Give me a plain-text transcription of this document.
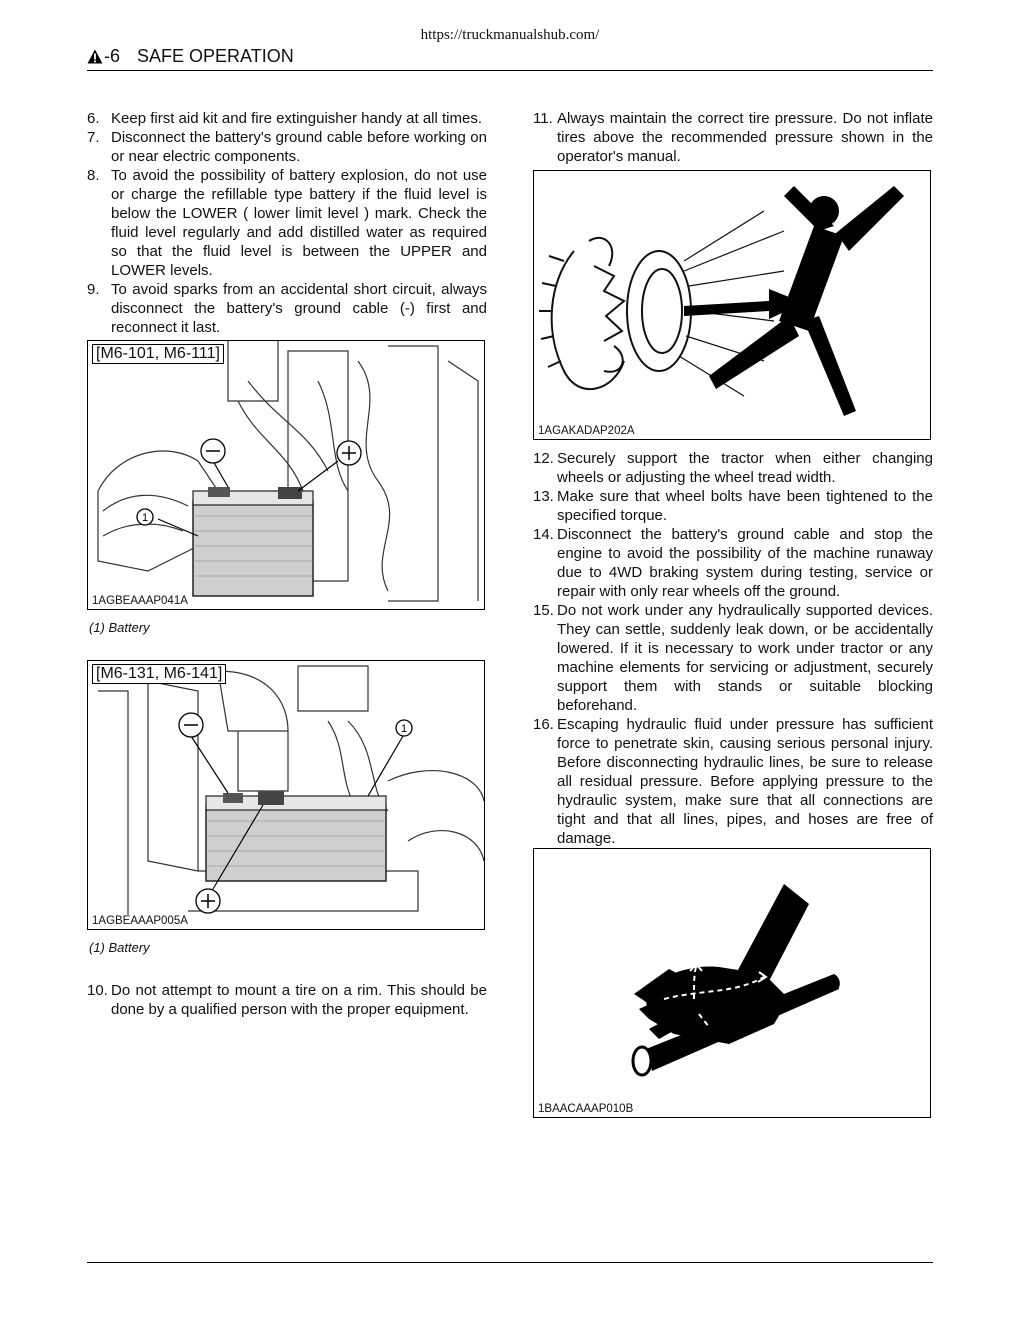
https://truckmanualshub.com/
-6 SAFE OPERATION
6. Keep first aid kit and fire extinguisher handy at all times.
7. Disconnect the battery's ground cable before working on or near electric components.
8. To avoid the possibility of battery explosion, do not use or charge the refillable type battery if the fluid level is below the LOWER ( lower limit level ) mark. Check the fluid level regularly and add distilled water as required so that the fluid level is between the UPPER and LOWER levels.
9. To avoid sparks from an accidental short circuit, always disconnect the battery's ground cable (-) first and reconnect it last.
1
[M6-101, M6-111]
1AGBEAAAP041A
(1) Battery
1
[M6-131, M6-141]
1AGBEAAAP005A
(1) Battery
10. Do not attempt to mount a tire on a rim. This should be done by a qualified person with the proper equipment.
11. Always maintain the correct tire pressure. Do not inflate tires above the recommended pressure shown in the operator's manual.
1AGAKADAP202A
12. Securely support the tractor when either changing wheels or adjusting the wheel tread width.
13. Make sure that wheel bolts have been tightened to the specified torque.
14. Disconnect the battery's ground cable and stop the engine to avoid the possibility of the machine runaway due to 4WD braking system during testing, service or repair with only rear wheels off the ground.
15. Do not work under any hydraulically supported devices. They can settle, suddenly leak down, or be accidentally lowered. If it is necessary to work under tractor or any machine elements for servicing or adjustment, securely support them with stands or suitable blocking beforehand.
16. Escaping hydraulic fluid under pressure has sufficient force to penetrate skin, causing serious personal injury. Before disconnecting hydraulic lines, be sure to release all residual pressure. Before applying pressure to the hydraulic system, make sure that all connections are tight and that all lines, pipes, and hoses are free of damage.
1BAACAAAP010B
